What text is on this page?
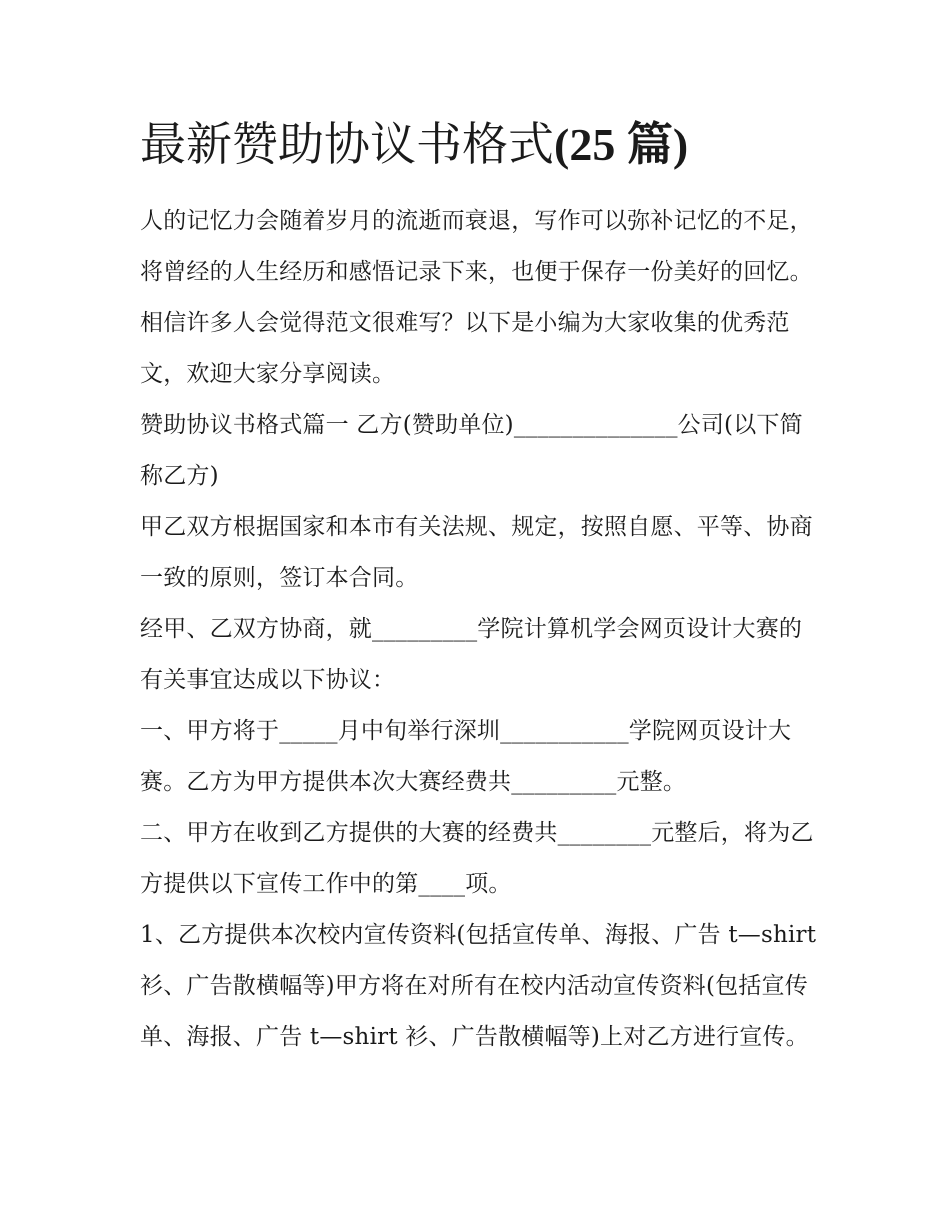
最新赞助协议书格式(25 篇)

人的记忆力会随着岁月的流逝而衰退，写作可以弥补记忆的不足，将曾经的人生经历和感悟记录下来，也便于保存一份美好的回忆。相信许多人会觉得范文很难写？以下是小编为大家收集的优秀范文，欢迎大家分享阅读。

赞助协议书格式篇一 乙方(赞助单位)______________公司(以下简称乙方)

甲乙双方根据国家和本市有关法规、规定，按照自愿、平等、协商一致的原则，签订本合同。

经甲、乙双方协商，就_________学院计算机学会网页设计大赛的有关事宜达成以下协议：

一、甲方将于_____月中旬举行深圳___________学院网页设计大赛。乙方为甲方提供本次大赛经费共_________元整。

二、甲方在收到乙方提供的大赛的经费共________元整后，将为乙方提供以下宣传工作中的第____项。

1、乙方提供本次校内宣传资料(包括宣传单、海报、广告 t—shirt 衫、广告散横幅等)甲方将在对所有在校内活动宣传资料(包括宣传单、海报、广告 t—shirt 衫、广告散横幅等)上对乙方进行宣传。
